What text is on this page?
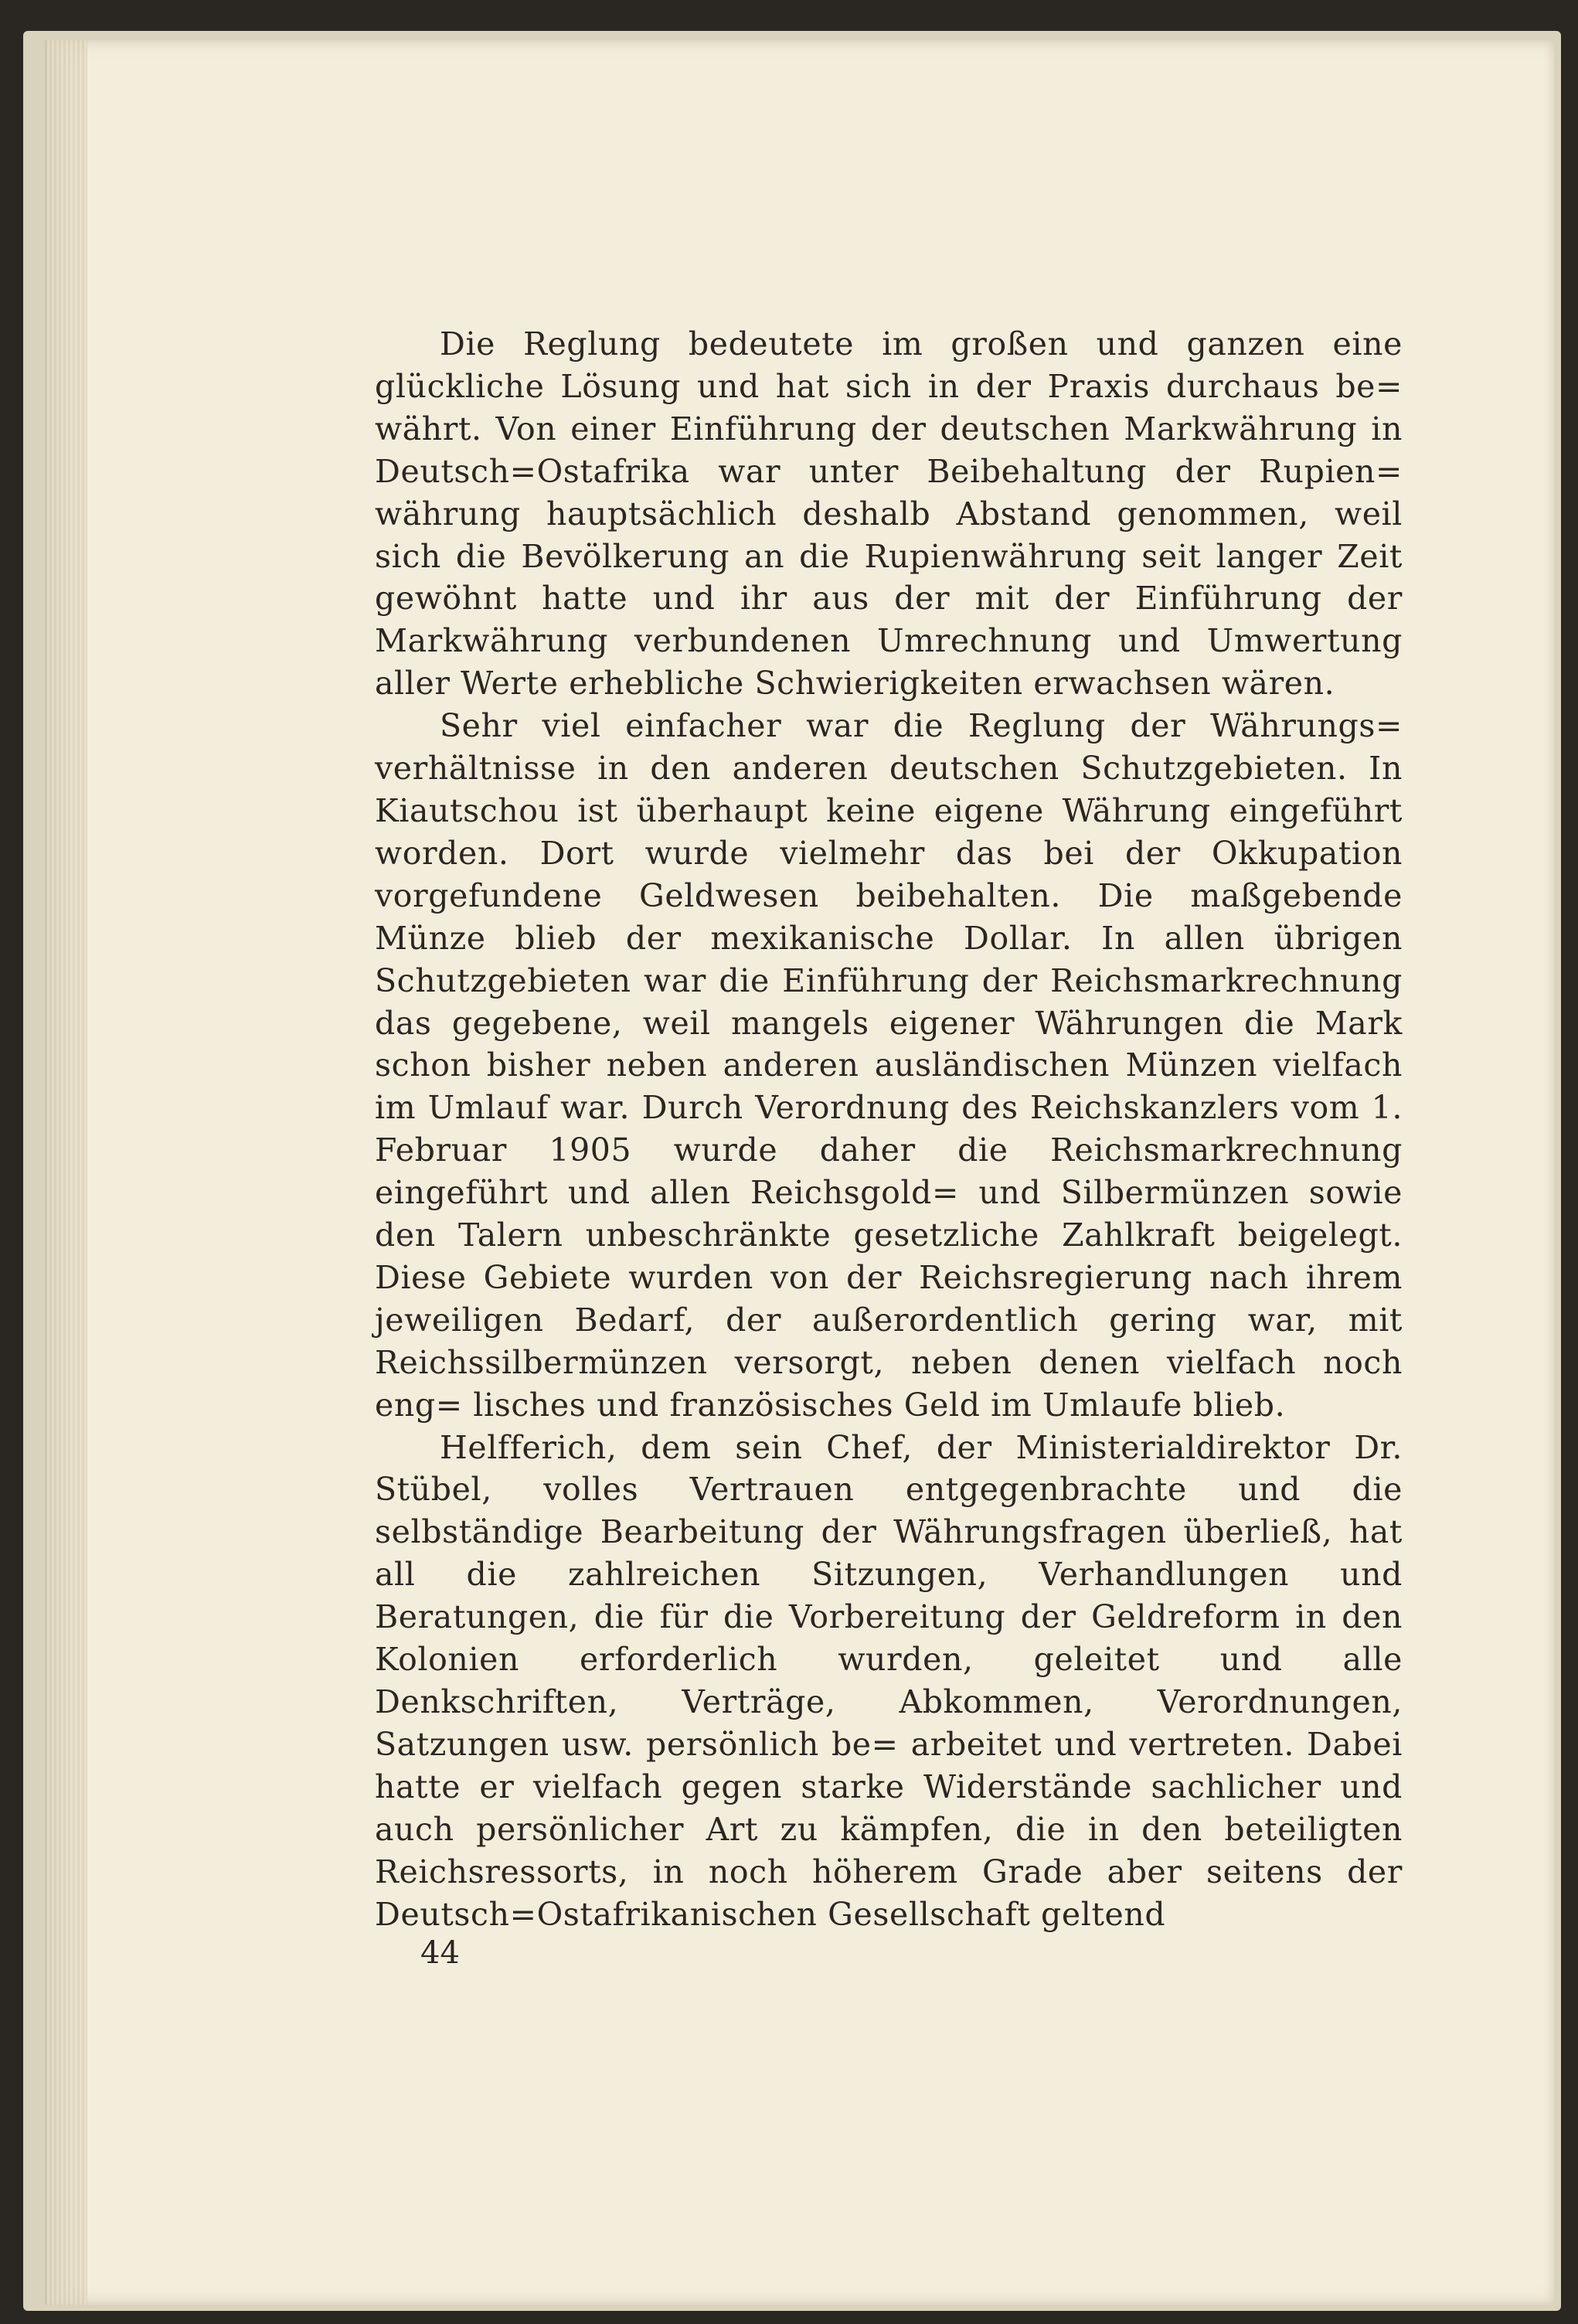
Die Reglung bedeutete im großen und ganzen eine glückliche Lösung und hat sich in der Praxis durchaus be= währt. Von einer Einführung der deutschen Markwährung in Deutsch=Ostafrika war unter Beibehaltung der Rupien= währung hauptsächlich deshalb Abstand genommen, weil sich die Bevölkerung an die Rupienwährung seit langer Zeit gewöhnt hatte und ihr aus der mit der Einführung der Markwährung verbundenen Umrechnung und Umwertung aller Werte erhebliche Schwierigkeiten erwachsen wären.

Sehr viel einfacher war die Reglung der Währungs= verhältnisse in den anderen deutschen Schutzgebieten. In Kiautschou ist überhaupt keine eigene Währung eingeführt worden. Dort wurde vielmehr das bei der Okkupation vorgefundene Geldwesen beibehalten. Die maßgebende Münze blieb der mexikanische Dollar. In allen übrigen Schutzgebieten war die Einführung der Reichsmarkrechnung das gegebene, weil mangels eigener Währungen die Mark schon bisher neben anderen ausländischen Münzen vielfach im Umlauf war. Durch Verordnung des Reichskanzlers vom 1. Februar 1905 wurde daher die Reichsmarkrechnung eingeführt und allen Reichsgold= und Silbermünzen sowie den Talern unbeschränkte gesetzliche Zahlkraft beigelegt. Diese Gebiete wurden von der Reichsregierung nach ihrem jeweiligen Bedarf, der außerordentlich gering war, mit Reichssilbermünzen versorgt, neben denen vielfach noch eng= lisches und französisches Geld im Umlaufe blieb.

Helfferich, dem sein Chef, der Ministerialdirektor Dr. Stübel, volles Vertrauen entgegenbrachte und die selbständige Bearbeitung der Währungsfragen überließ, hat all die zahlreichen Sitzungen, Verhandlungen und Beratungen, die für die Vorbereitung der Geldreform in den Kolonien erforderlich wurden, geleitet und alle Denkschriften, Verträge, Abkommen, Verordnungen, Satzungen usw. persönlich be= arbeitet und vertreten. Dabei hatte er vielfach gegen starke Widerstände sachlicher und auch persönlicher Art zu kämpfen, die in den beteiligten Reichsressorts, in noch höherem Grade aber seitens der Deutsch=Ostafrikanischen Gesellschaft geltend

44
